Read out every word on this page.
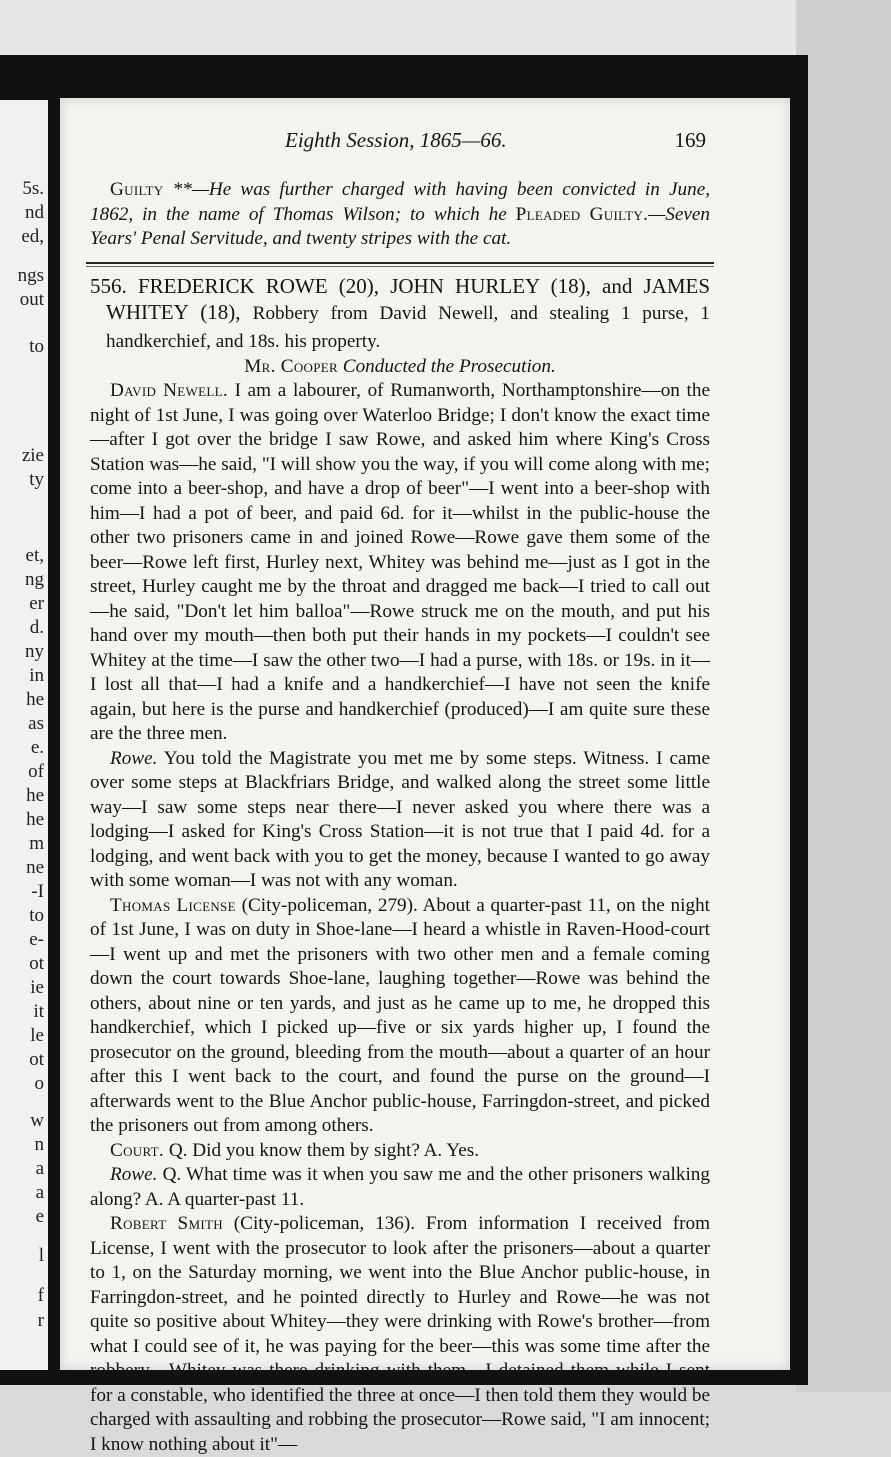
5s.
nd
ed,
ngs
out
to
zie
ty
et,
ng
er
d.
ny
in
he
as
e.
of
he
he
m
ne
-I
to
e-
ot
ie
it
le
ot
o
w
n
a
a
e
l
f
r
Eighth Session, 1865—66.	169

Guilty **—He was further charged with having been convicted in June, 1862, in the name of Thomas Wilson; to which he Pleaded Guilty.—Seven Years' Penal Servitude, and twenty stripes with the cat.

556. FREDERICK ROWE (20), JOHN HURLEY (18), and JAMES WHITEY (18), Robbery from David Newell, and stealing 1 purse, 1 handkerchief, and 18s. his property.

Mr. Cooper Conducted the Prosecution.

David Newell. I am a labourer, of Rumanworth, Northamptonshire—on the night of 1st June, I was going over Waterloo Bridge; I don't know the exact time—after I got over the bridge I saw Rowe, and asked him where King's Cross Station was—he said, "I will show you the way, if you will come along with me; come into a beer-shop, and have a drop of beer"—I went into a beer-shop with him—I had a pot of beer, and paid 6d. for it—whilst in the public-house the other two prisoners came in and joined Rowe—Rowe gave them some of the beer—Rowe left first, Hurley next, Whitey was behind me—just as I got in the street, Hurley caught me by the throat and dragged me back—I tried to call out—he said, "Don't let him balloa"—Rowe struck me on the mouth, and put his hand over my mouth—then both put their hands in my pockets—I couldn't see Whitey at the time—I saw the other two—I had a purse, with 18s. or 19s. in it—I lost all that—I had a knife and a handkerchief—I have not seen the knife again, but here is the purse and handkerchief (produced)—I am quite sure these are the three men.

Rowe. You told the Magistrate you met me by some steps. Witness. I came over some steps at Blackfriars Bridge, and walked along the street some little way—I saw some steps near there—I never asked you where there was a lodging—I asked for King's Cross Station—it is not true that I paid 4d. for a lodging, and went back with you to get the money, because I wanted to go away with some woman—I was not with any woman.

Thomas License (City-policeman, 279). About a quarter-past 11, on the night of 1st June, I was on duty in Shoe-lane—I heard a whistle in Raven-Hood-court—I went up and met the prisoners with two other men and a female coming down the court towards Shoe-lane, laughing together—Rowe was behind the others, about nine or ten yards, and just as he came up to me, he dropped this handkerchief, which I picked up—five or six yards higher up, I found the prosecutor on the ground, bleeding from the mouth—about a quarter of an hour after this I went back to the court, and found the purse on the ground—I afterwards went to the Blue Anchor public-house, Farringdon-street, and picked the prisoners out from among others.

Court. Q. Did you know them by sight? A. Yes.

Rowe. Q. What time was it when you saw me and the other prisoners walking along? A. A quarter-past 11.

Robert Smith (City-policeman, 136). From information I received from License, I went with the prosecutor to look after the prisoners—about a quarter to 1, on the Saturday morning, we went into the Blue Anchor public-house, in Farringdon-street, and he pointed directly to Hurley and Rowe—he was not quite so positive about Whitey—they were drinking with Rowe's brother—from what I could see of it, he was paying for the beer—this was some time after the robbery—Whitey was there drinking with them—I detained them while I sent for a constable, who identified the three at once—I then told them they would be charged with assaulting and robbing the prosecutor—Rowe said, "I am innocent; I know nothing about it"—
